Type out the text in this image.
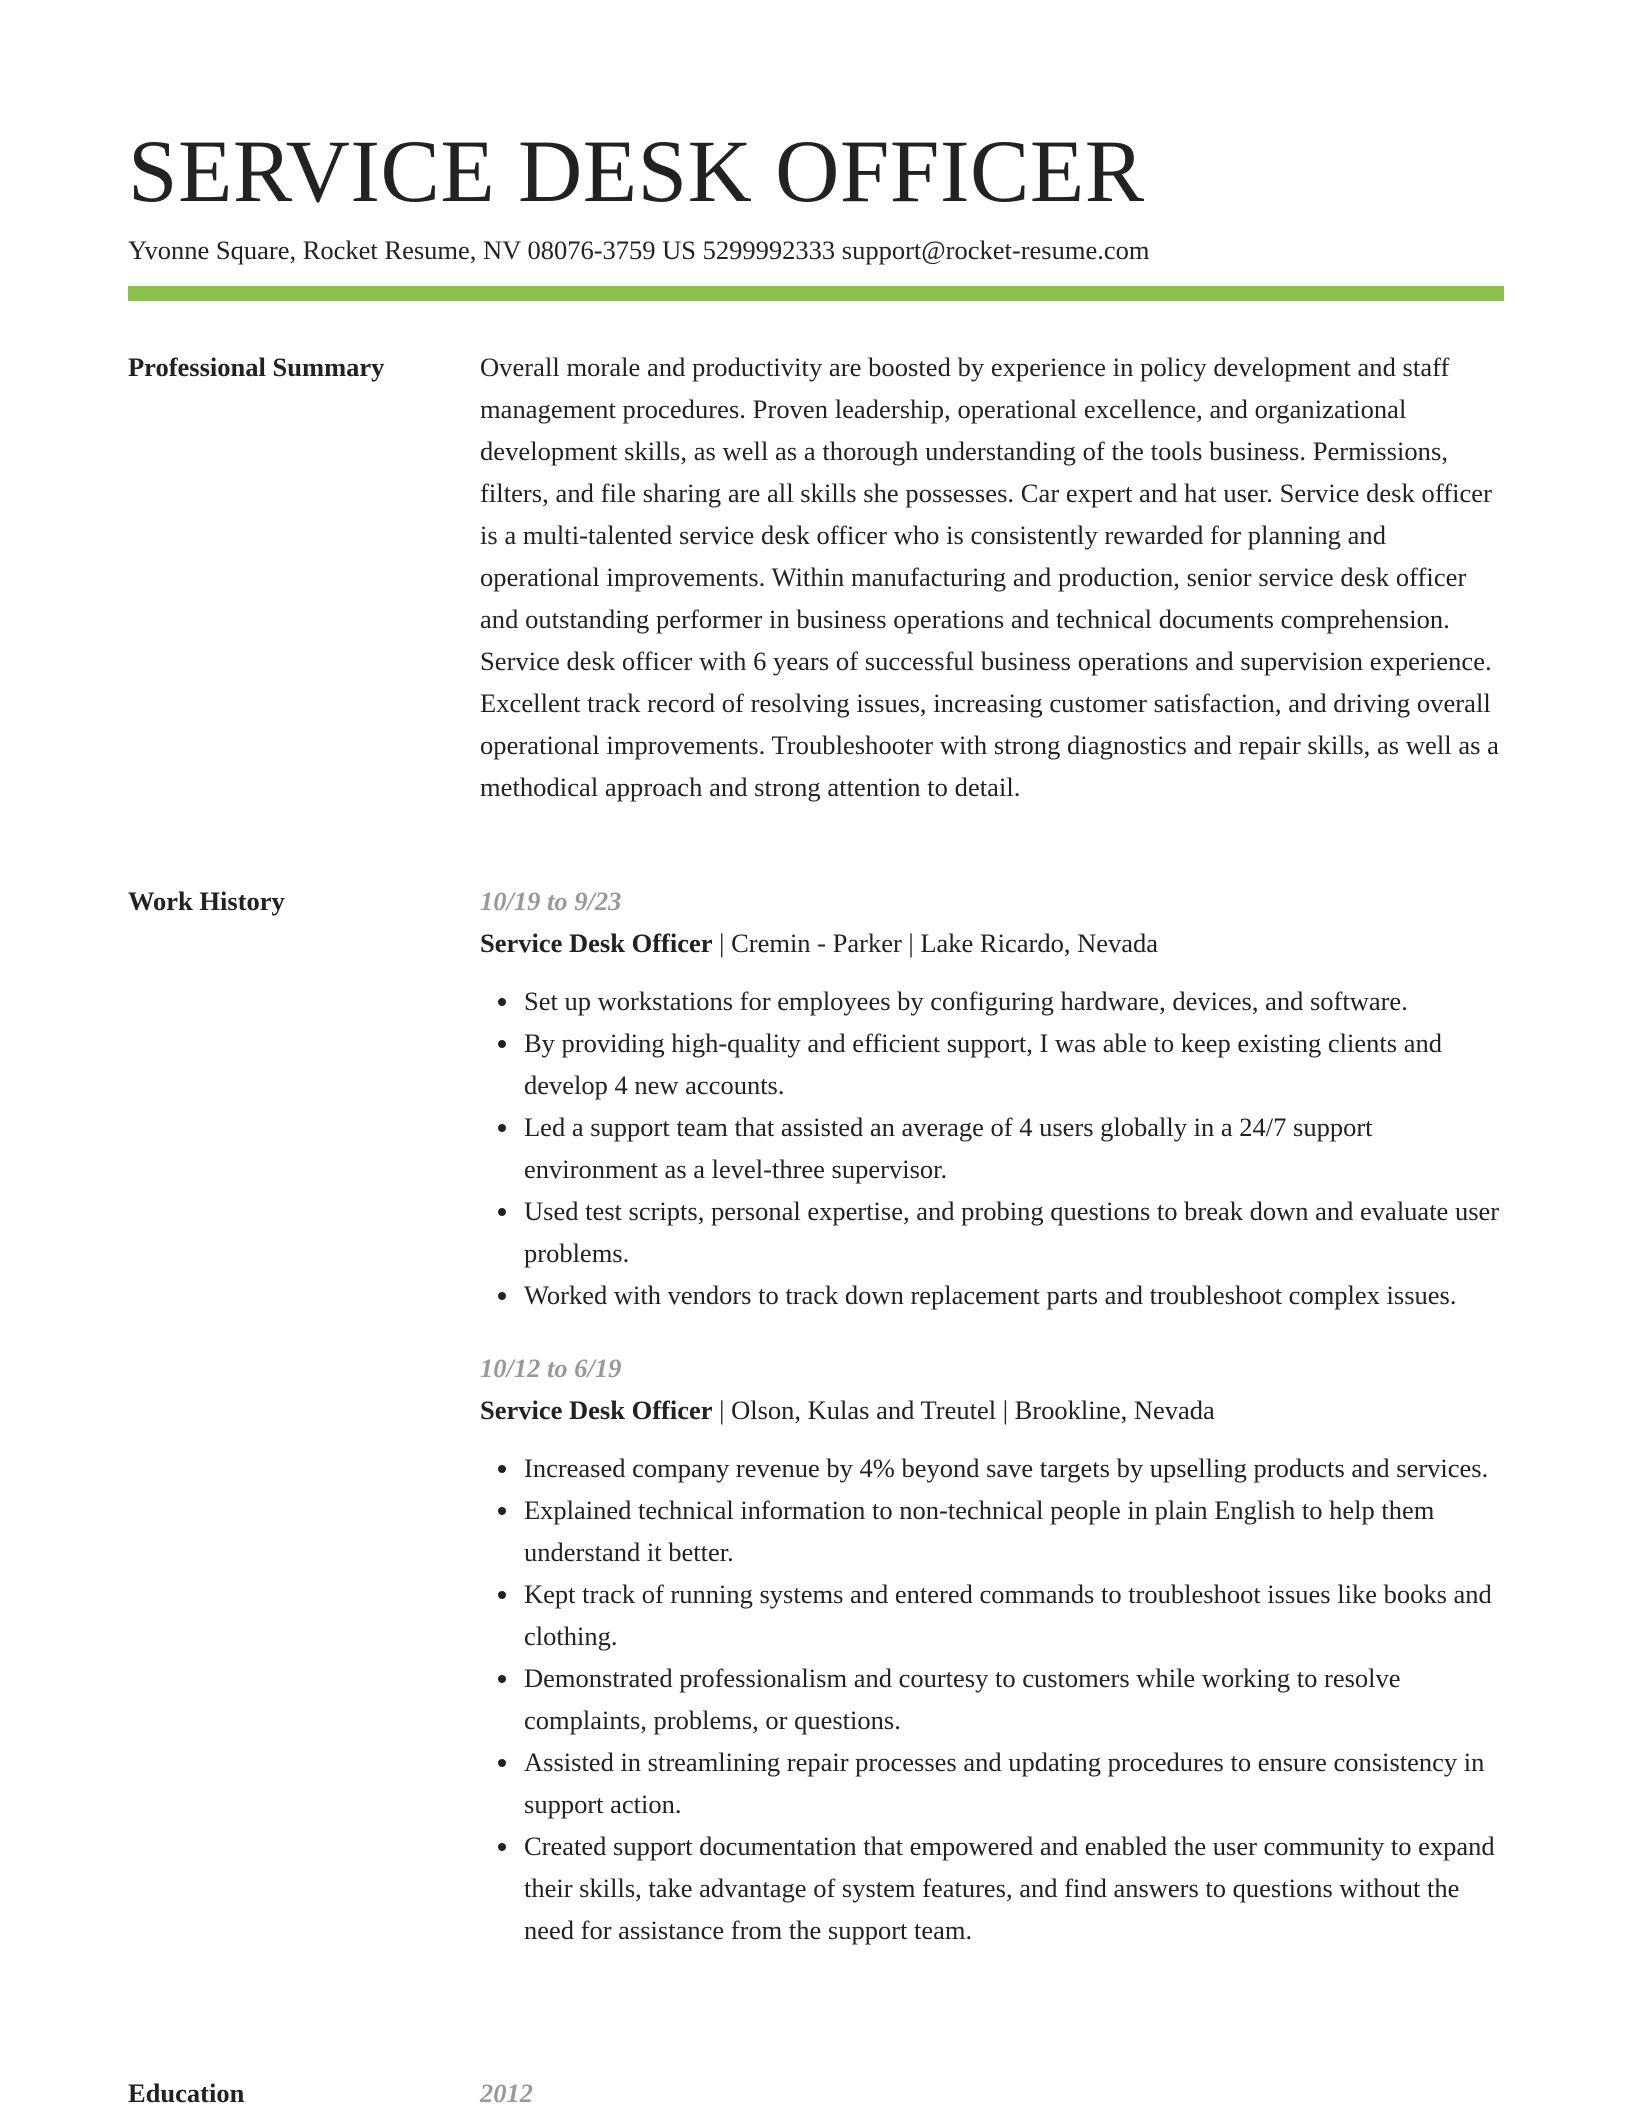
SERVICE DESK OFFICER
Yvonne Square, Rocket Resume, NV 08076-3759 US 5299992333 support@rocket-resume.com
Professional Summary	Overall morale and productivity are boosted by experience in policy development and staff management procedures. Proven leadership, operational excellence, and organizational development skills, as well as a thorough understanding of the tools business. Permissions, filters, and file sharing are all skills she possesses. Car expert and hat user. Service desk officer is a multi-talented service desk officer who is consistently rewarded for planning and operational improvements. Within manufacturing and production, senior service desk officer and outstanding performer in business operations and technical documents comprehension. Service desk officer with 6 years of successful business operations and supervision experience. Excellent track record of resolving issues, increasing customer satisfaction, and driving overall operational improvements. Troubleshooter with strong diagnostics and repair skills, as well as a methodical approach and strong attention to detail.

Work History	10/19 to 9/23
Service Desk Officer | Cremin - Parker | Lake Ricardo, Nevada
Set up workstations for employees by configuring hardware, devices, and software.
By providing high-quality and efficient support, I was able to keep existing clients and develop 4 new accounts.
Led a support team that assisted an average of 4 users globally in a 24/7 support environment as a level-three supervisor.
Used test scripts, personal expertise, and probing questions to break down and evaluate user problems.
Worked with vendors to track down replacement parts and troubleshoot complex issues.
10/12 to 6/19
Service Desk Officer | Olson, Kulas and Treutel | Brookline, Nevada
Increased company revenue by 4% beyond save targets by upselling products and services.
Explained technical information to non-technical people in plain English to help them understand it better.
Kept track of running systems and entered commands to troubleshoot issues like books and clothing.
Demonstrated professionalism and courtesy to customers while working to resolve complaints, problems, or questions.
Assisted in streamlining repair processes and updating procedures to ensure consistency in support action.
Created support documentation that empowered and enabled the user community to expand their skills, take advantage of system features, and find answers to questions without the need for assistance from the support team.
Education	2012
